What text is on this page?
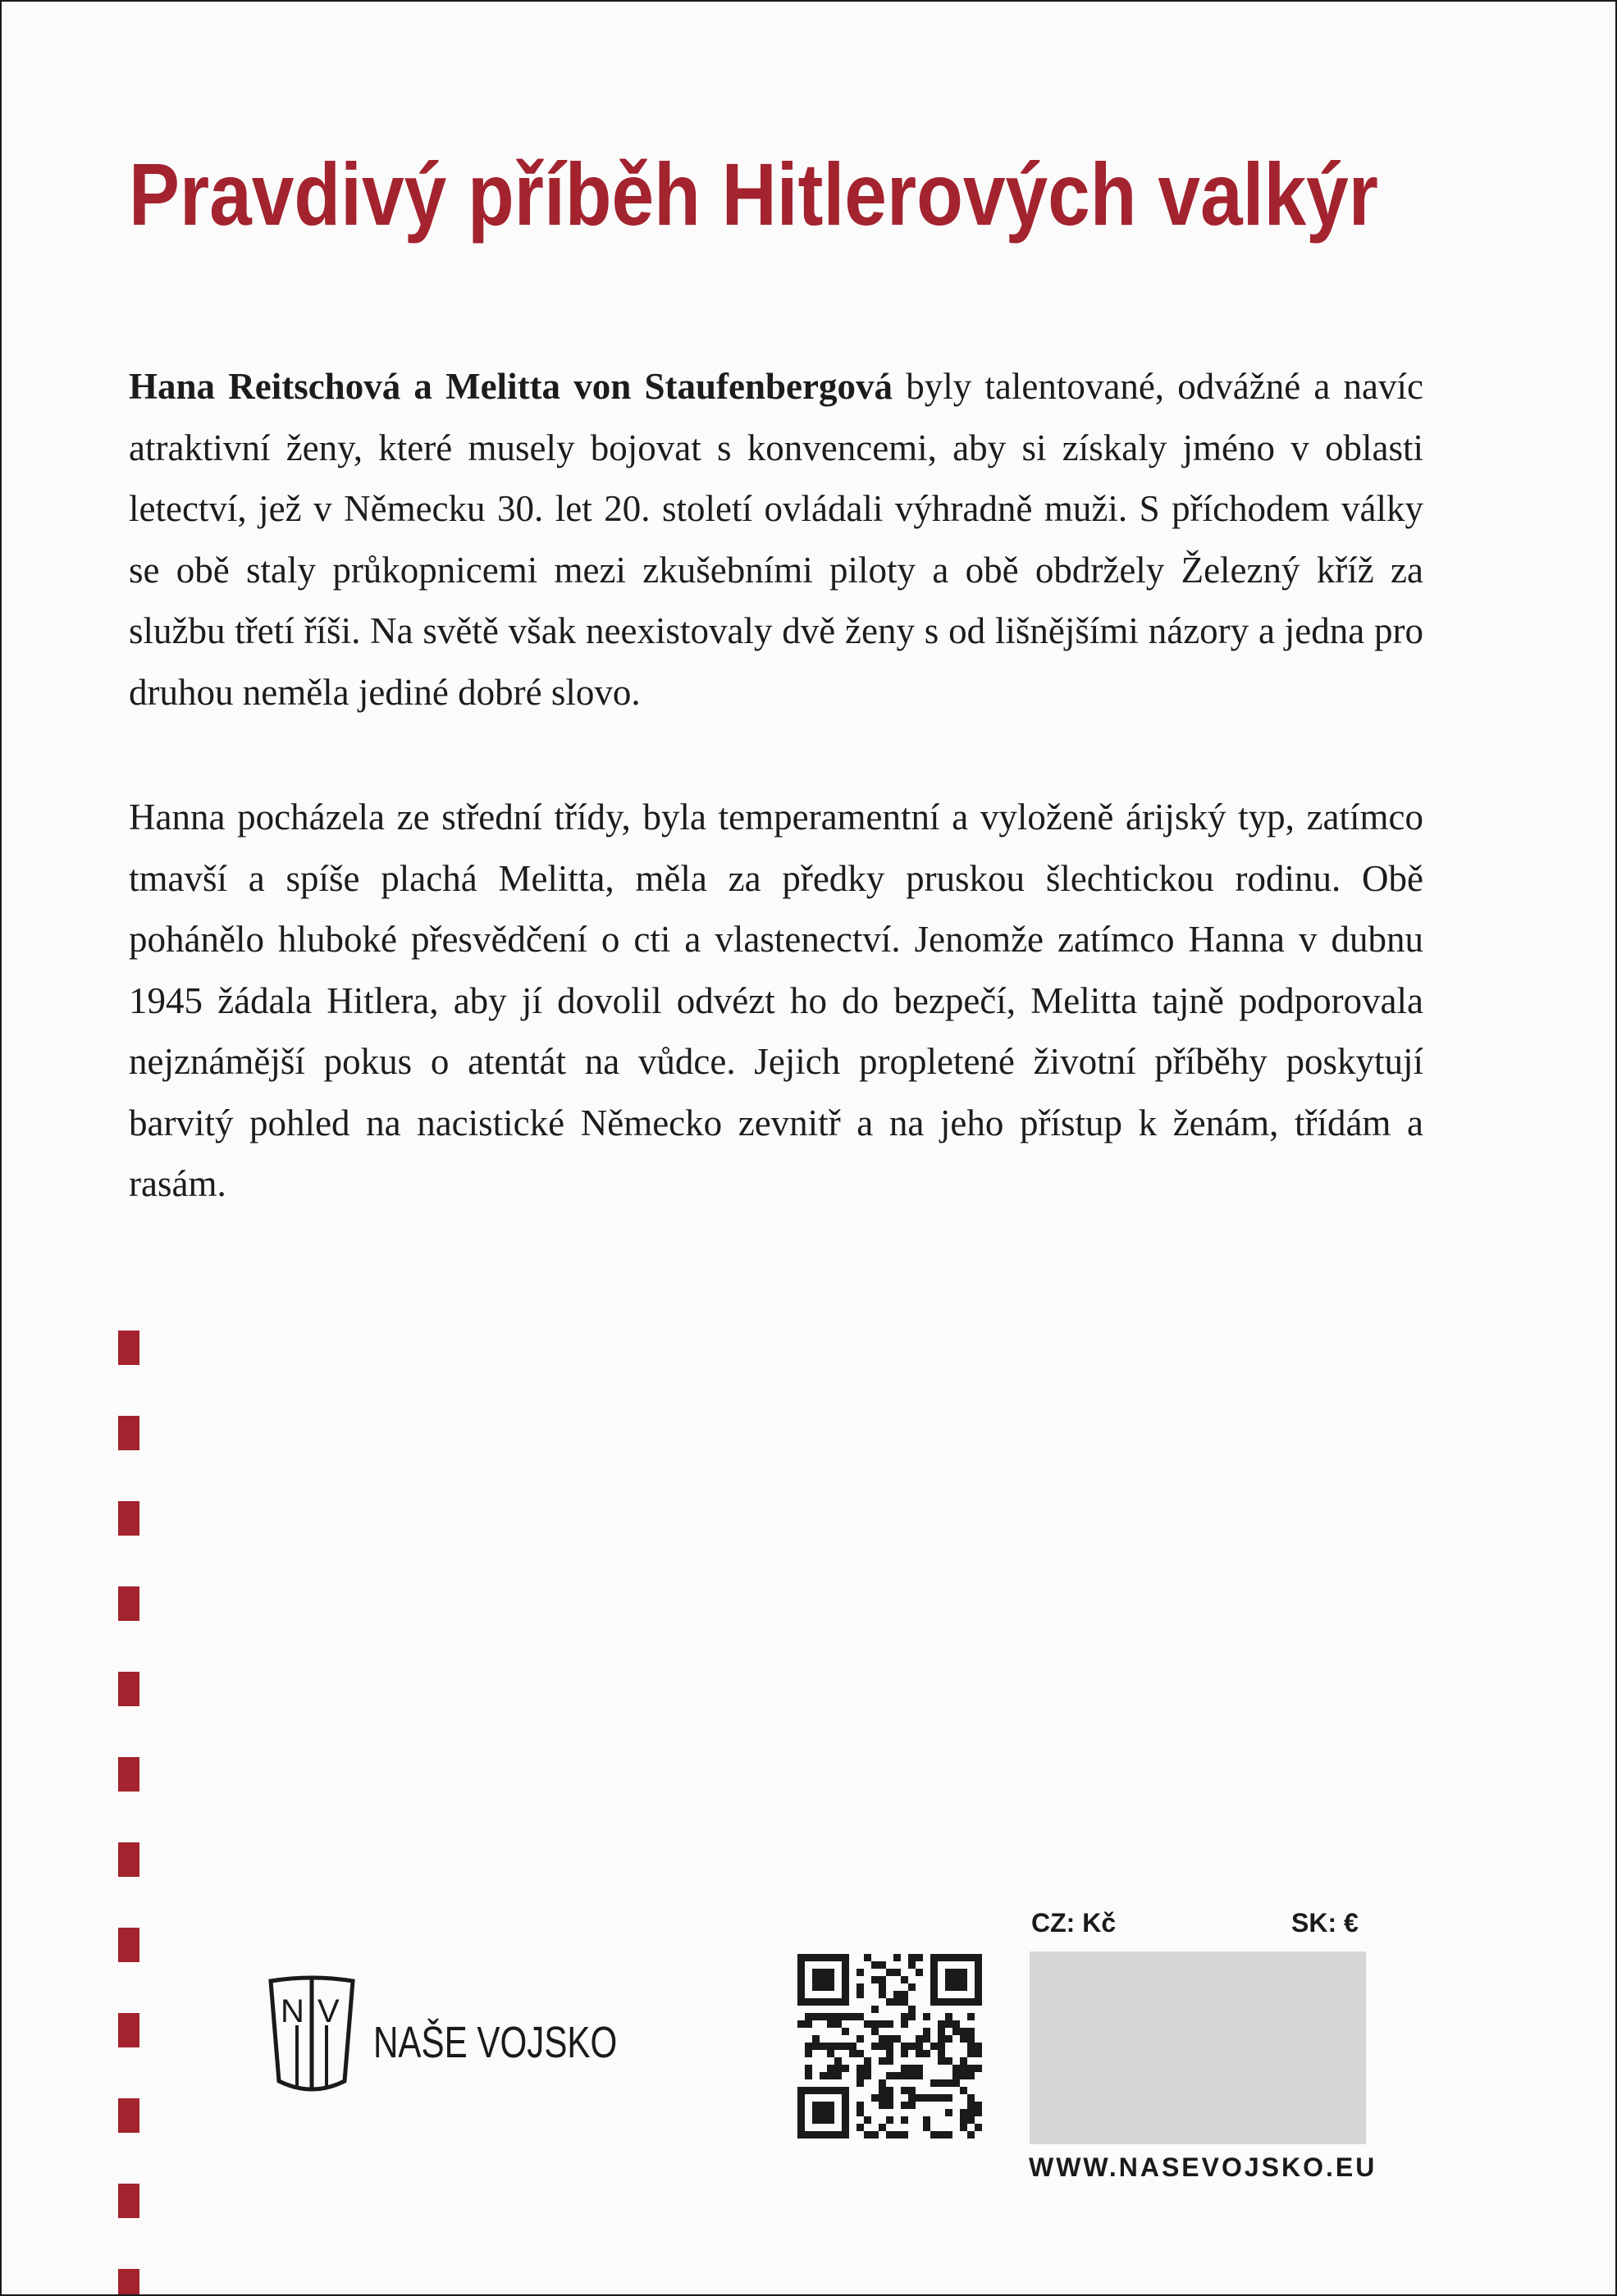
Pravdivý příběh Hitlerových valkýr

Hana Reitschová a Melitta von Staufenbergová byly talentované, odvážné a navíc atraktivní ženy, které musely bojovat s konvencemi, aby si získaly jméno v oblasti letectví, jež v Německu 30. let 20. století ovládali výhradně muži. S příchodem války se obě staly průkopnicemi mezi zkušebními piloty a obě obdržely Železný kříž za službu třetí říši. Na světě však neexistovaly dvě ženy s od lišnějšími názory a jedna pro druhou neměla jediné dobré slovo.

Hanna pocházela ze střední třídy, byla temperamentní a vyloženě árijský typ, zatímco tmavší a spíše plachá Melitta, měla za předky pruskou šlechtickou rodinu. Obě pohánělo hluboké přesvědčení o cti a vlastenectví. Jenomže zatímco Hanna v dubnu 1945 žádala Hitlera, aby jí dovolil odvézt ho do bezpečí, Melitta tajně podporovala nejznámější pokus o atentát na vůdce. Jejich propletené životní příběhy poskytují barvitý pohled na nacistické Německo zevnitř a na jeho přístup k ženám, třídám a rasám.

N V
NAŠE VOJSKO
CZ: Kč	SK: €
WWW.NASEVOJSKO.EU
